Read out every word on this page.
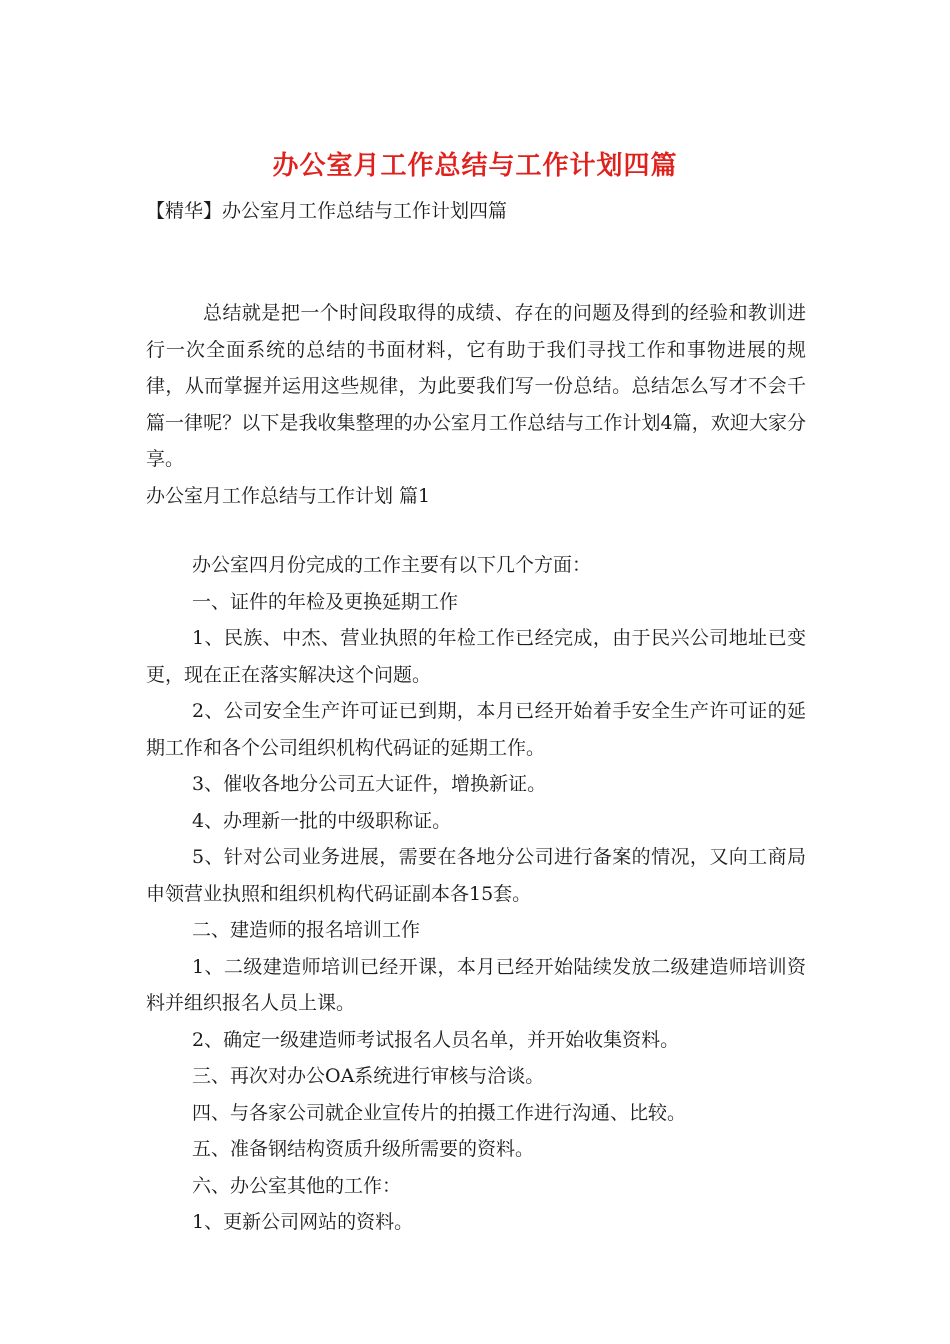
办公室月工作总结与工作计划四篇
【精华】办公室月工作总结与工作计划四篇

总结就是把一个时间段取得的成绩、存在的问题及得到的经验和教训进行一次全面系统的总结的书面材料，它有助于我们寻找工作和事物进展的规律，从而掌握并运用这些规律，为此要我们写一份总结。总结怎么写才不会千篇一律呢？以下是我收集整理的办公室月工作总结与工作计划4篇，欢迎大家分享。

办公室月工作总结与工作计划 篇1

办公室四月份完成的工作主要有以下几个方面：

一、证件的年检及更换延期工作

1、民族、中杰、营业执照的年检工作已经完成，由于民兴公司地址已变更，现在正在落实解决这个问题。

2、公司安全生产许可证已到期，本月已经开始着手安全生产许可证的延期工作和各个公司组织机构代码证的延期工作。

3、催收各地分公司五大证件，增换新证。

4、办理新一批的中级职称证。

5、针对公司业务进展，需要在各地分公司进行备案的情况，又向工商局申领营业执照和组织机构代码证副本各15套。

二、建造师的报名培训工作

1、二级建造师培训已经开课，本月已经开始陆续发放二级建造师培训资料并组织报名人员上课。

2、确定一级建造师考试报名人员名单，并开始收集资料。

三、再次对办公OA系统进行审核与洽谈。

四、与各家公司就企业宣传片的拍摄工作进行沟通、比较。

五、准备钢结构资质升级所需要的资料。

六、办公室其他的工作：

1、更新公司网站的资料。
